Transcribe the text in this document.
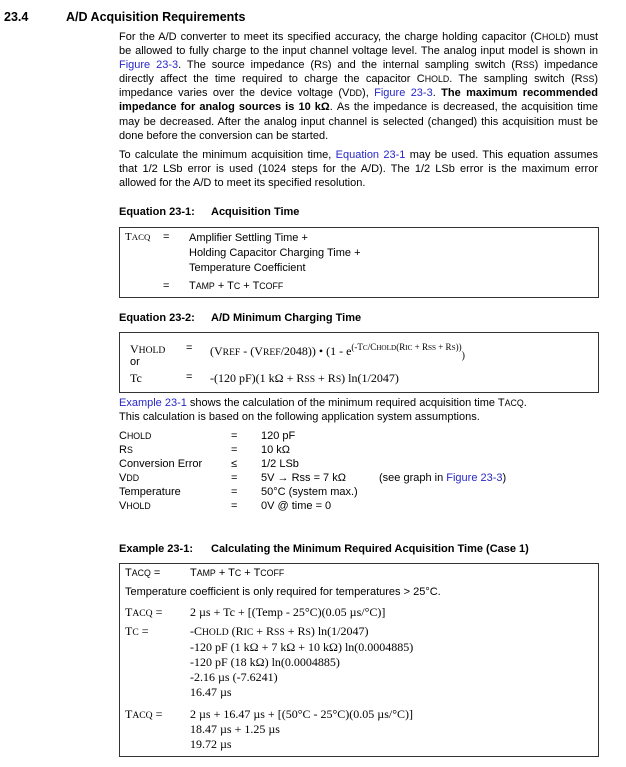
23.4	A/D Acquisition Requirements
For the A/D converter to meet its specified accuracy, the charge holding capacitor (CHOLD) must be allowed to fully charge to the input channel voltage level. The analog input model is shown in Figure 23-3. The source impedance (RS) and the internal sampling switch (RSS) impedance directly affect the time required to charge the capacitor CHOLD. The sampling switch (RSS) impedance varies over the device voltage (VDD), Figure 23-3. The maximum recommended impedance for analog sources is 10 kΩ. As the impedance is decreased, the acquisition time may be decreased. After the analog input channel is selected (changed) this acquisition must be done before the conversion can be started.
To calculate the minimum acquisition time, Equation 23-1 may be used. This equation assumes that 1/2 LSb error is used (1024 steps for the A/D). The 1/2 LSb error is the maximum error allowed for the A/D to meet its specified resolution.
Equation 23-1: Acquisition Time
TACQ = Amplifier Settling Time +
Holding Capacitor Charging Time +
Temperature Coefficient
= TAMP + TC + TCOFF
Equation 23-2: A/D Minimum Charging Time
VHOLD = (VREF - (VREF/2048)) • ($1 - e^{(-TC/CHOLD(RIC + RSS + RS))}_)$
or
Tc	= -(120 pF)(1 kΩ + RSS + RS) ln(1/2047)
Example 23-1 shows the calculation of the minimum required acquisition time TACQ.
This calculation is based on the following application system assumptions.
CHOLD	=	120 pF	
RS	=	10 kΩ	
Conversion Error	≤	1/2 LSb	
VDD	=	5V → Rss = 7 kΩ	(see graph in Figure 23-3)
Temperature	=	50°C (system max.)	
VHOLD	=	0V @ time = 0	
Example 23-1: Calculating the Minimum Required Acquisition Time (Case 1)
TACQ =	TAMP + TC + TCOFF
Temperature coefficient is only required for temperatures > 25°C.
TACQ = 2 µs + Tc + [(Temp - 25°C)(0.05 µs/°C)]
TC =	-CHOLD (RIC + RSS + RS) ln(1/2047)
-120 pF (1 kΩ + 7 kΩ + 10 kΩ) ln(0.0004885)
-120 pF (18 kΩ) ln(0.0004885)
-2.16 µs (-7.6241)
16.47 µs
TACQ = 2 µs + 16.47 µs + [(50°C - 25°C)(0.05 µs/°C)]
18.47 µs + 1.25 µs
19.72 µs
